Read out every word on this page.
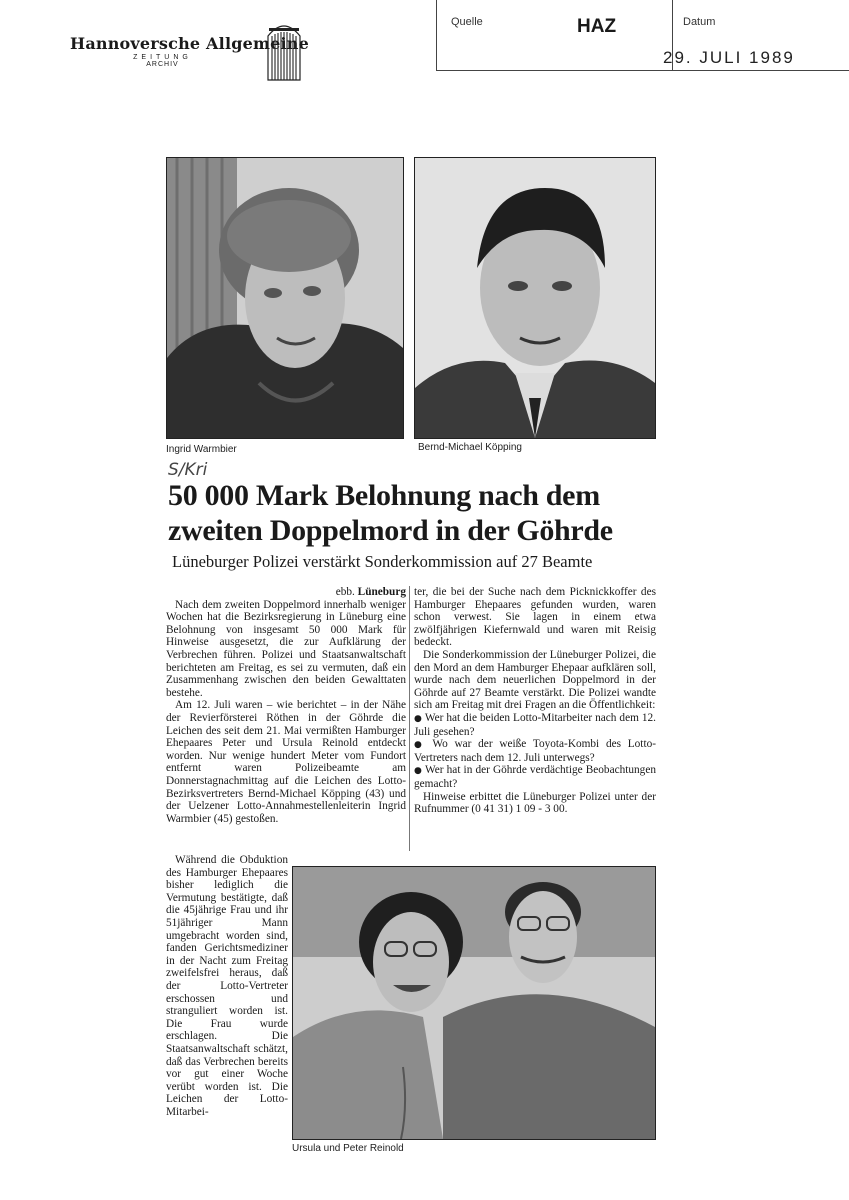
Hannoversche Allgemeine
ZEITUNG
ARCHIV
Quelle	HAZ	Datum
29. JULI 1989
Ingrid Warmbier	Bernd-Michael Köpping
S/Kri
50 000 Mark Belohnung nach dem
zweiten Doppelmord in der Göhrde
Lüneburger Polizei verstärkt Sonderkommission auf 27 Beamte
ebb. Lüneburg

Nach dem zweiten Doppelmord innerhalb weniger Wochen hat die Bezirksregierung in Lüneburg eine Belohnung von insgesamt 50 000 Mark für Hinweise ausgesetzt, die zur Aufklärung der Verbrechen führen. Polizei und Staatsanwaltschaft berichteten am Freitag, es sei zu vermuten, daß ein Zusammenhang zwischen den beiden Gewalttaten bestehe.

Am 12. Juli waren – wie berichtet – in der Nähe der Revierförsterei Röthen in der Göhrde die Leichen des seit dem 21. Mai vermißten Hamburger Ehepaares Peter und Ursula Reinold entdeckt worden. Nur wenige hundert Meter vom Fundort entfernt waren Polizeibeamte am Donnerstagnachmittag auf die Leichen des Lotto-Bezirksvertreters Bernd-Michael Köpping (43) und der Uelzener Lotto-Annahmestellenleiterin Ingrid Warmbier (45) gestoßen.

ter, die bei der Suche nach dem Picknickkoffer des Hamburger Ehepaares gefunden wurden, waren schon verwest. Sie lagen in einem etwa zwölfjährigen Kiefernwald und waren mit Reisig bedeckt.

Die Sonderkommission der Lüneburger Polizei, die den Mord an dem Hamburger Ehepaar aufklären soll, wurde nach dem neuerlichen Doppelmord in der Göhrde auf 27 Beamte verstärkt. Die Polizei wandte sich am Freitag mit drei Fragen an die Öffentlichkeit:

● Wer hat die beiden Lotto-Mitarbeiter nach dem 12. Juli gesehen?

● Wo war der weiße Toyota-Kombi des Lotto-Vertreters nach dem 12. Juli unterwegs?

● Wer hat in der Göhrde verdächtige Beobachtungen gemacht?

Hinweise erbittet die Lüneburger Polizei unter der Rufnummer (0 41 31) 1 09 - 3 00.

Während die Obduktion des Hamburger Ehepaares bisher lediglich die Vermutung bestätigte, daß die 45jährige Frau und ihr 51jähriger Mann umgebracht worden sind, fanden Gerichtsmediziner in der Nacht zum Freitag zweifelsfrei heraus, daß der Lotto-Vertreter erschossen und stranguliert worden ist. Die Frau wurde erschlagen. Die Staatsanwaltschaft schätzt, daß das Verbrechen bereits vor gut einer Woche verübt worden ist. Die Leichen der Lotto-Mitarbei-

Ursula und Peter Reinold
